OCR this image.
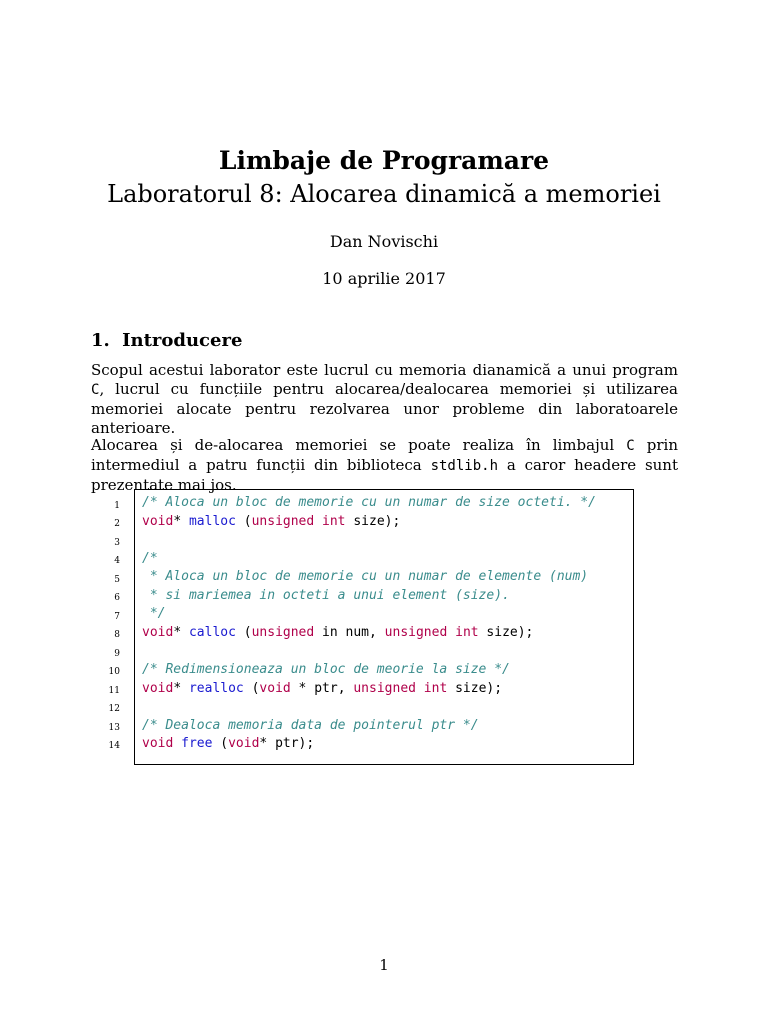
Limbaje de Programare
Laboratorul 8: Alocarea dinamică a memoriei
Dan Novischi
10 aprilie 2017
1. Introducere
Scopul acestui laborator este lucrul cu memoria dianamică a unui program C, lucrul cu funcțiile pentru alocarea/dealocarea memoriei și utilizarea memoriei alocate pentru rezolvarea unor probleme din laboratoarele anterioare.
Alocarea și de-alocarea memoriei se poate realiza în limbajul C prin intermediul a patru funcții din biblioteca stdlib.h a caror headere sunt prezentate mai jos.
1
2
3
4
5
6
7
8
9
10
11
12
13
14
/* Aloca un bloc de memorie cu un numar de size octeti. */
void* malloc (unsigned int size);
/*
* Aloca un bloc de memorie cu un numar de elemente (num)
* si mariemea in octeti a unui element (size).
*/
void* calloc (unsigned in num, unsigned int size);
/* Redimensioneaza un bloc de meorie la size */
void* realloc (void * ptr, unsigned int size);
/* Dealoca memoria data de pointerul ptr */
void free (void* ptr);
1
